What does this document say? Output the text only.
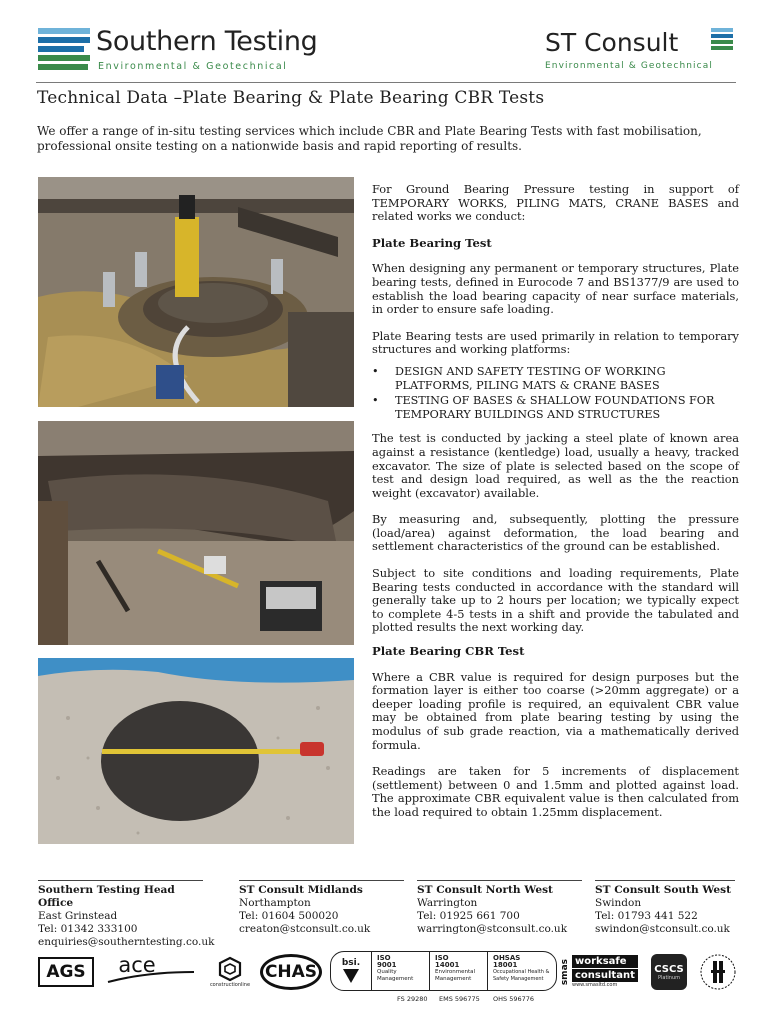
Southern Testing
Environmental & Geotechnical
ST Consult
Environmental & Geotechnical
Technical Data –Plate Bearing & Plate Bearing CBR Tests

We offer a range of in-situ testing services which include CBR and Plate Bearing Tests with fast mobilisation, professional onsite testing on a nationwide basis and rapid reporting of results.

For Ground Bearing Pressure testing in support of TEMPORARY WORKS, PILING MATS, CRANE BASES and related works we conduct:

Plate Bearing Test

When designing any permanent or temporary structures, Plate bearing tests, defined in Eurocode 7 and BS1377/9 are used to establish the load bearing capacity of near surface materials, in order to ensure safe loading.

Plate Bearing tests are used primarily in relation to temporary structures and working platforms:

• DESIGN AND SAFETY TESTING OF WORKING PLATFORMS, PILING MATS & CRANE BASES
• TESTING OF BASES & SHALLOW FOUNDATIONS FOR TEMPORARY BUILDINGS AND STRUCTURES

The test is conducted by jacking a steel plate of known area against a resistance (kentledge) load, usually a heavy, tracked excavator. The size of plate is selected based on the scope of test and design load required, as well as the the reaction weight (excavator) available.

By measuring and, subsequently, plotting the pressure (load/area) against deformation, the load bearing and settlement characteristics of the ground can be established.

Subject to site conditions and loading requirements, Plate Bearing tests conducted in accordance with the standard will generally take up to 2 hours per location; we typically expect to complete 4-5 tests in a shift and provide the tabulated and plotted results the next working day.

Plate Bearing CBR Test

Where a CBR value is required for design purposes but the formation layer is either too coarse (>20mm aggregate) or a deeper loading profile is required, an equivalent CBR value may be obtained from plate bearing testing by using the modulus of sub grade reaction, via a mathematically derived formula.

Readings are taken for 5 increments of displacement (settlement) between 0 and 1.5mm and plotted against load. The approximate CBR equivalent value is then calculated from the load required to obtain 1.25mm displacement.

Southern Testing Head Office
East Grinstead
Tel: 01342 333100
enquiries@southerntesting.co.uk
ST Consult Midlands
Northampton
Tel: 01604 500020
creaton@stconsult.co.uk
ST Consult North West
Warrington
Tel: 01925 661 700
warrington@stconsult.co.uk
ST Consult South West
Swindon
Tel: 01793 441 522
swindon@stconsult.co.uk
AGS	ace
constructionline
CHAS	bsi. ISO
9001
Quality Management
ISO
14001
Environmental Management
OHSAS
18001
Occupational Health & Safety Management
FS 29280 EMS 596775 OHS 596776
smas worksafe
consultant
www.smasltd.com
CSCS
Platinum
